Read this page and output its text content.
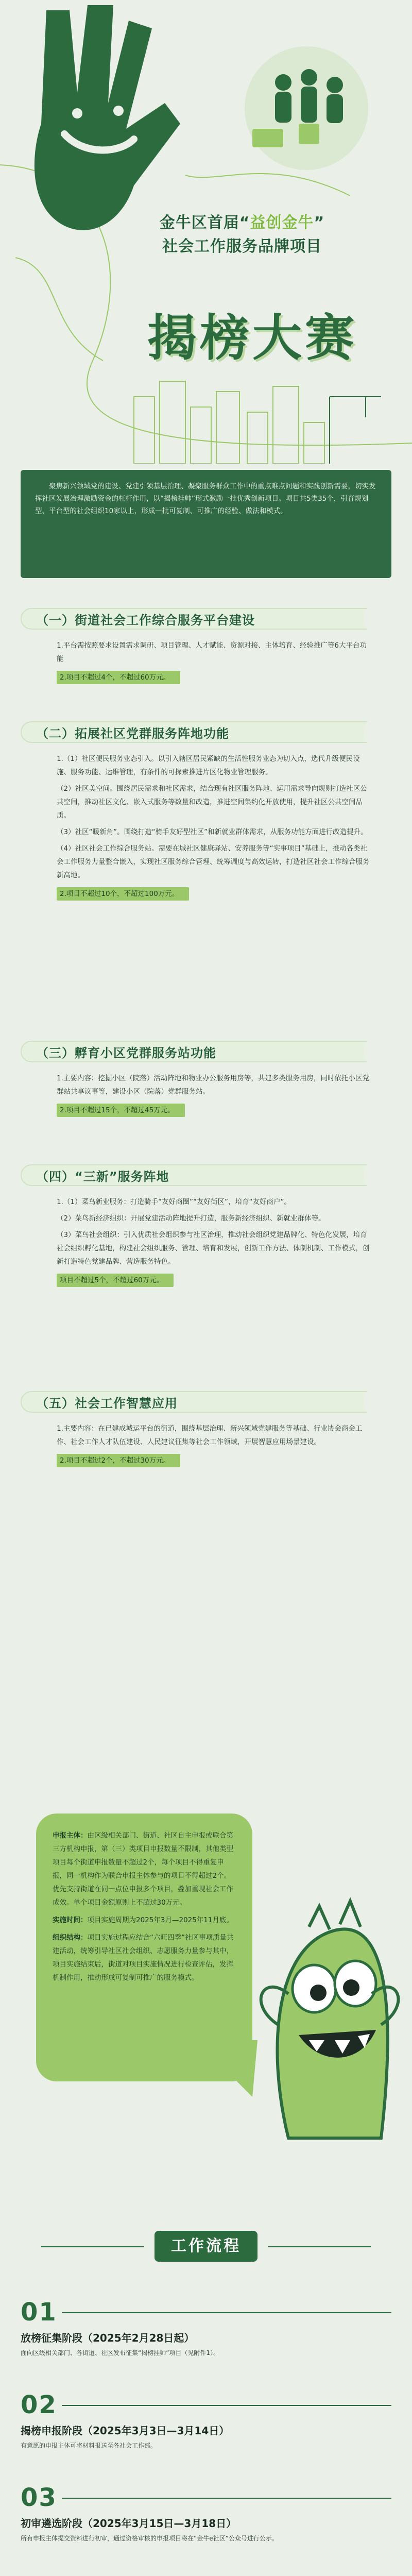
金牛区首届“益创金牛”
社会工作服务品牌项目
揭榜大赛

聚焦新兴领域党的建设、党建引领基层治理、凝聚服务群众工作中的重点难点问题和实践创新需要，切实发挥社区发展治理激励资金的杠杆作用，以“揭榜挂帅”形式激励一批优秀创新项目。项目共5类35个，引育规划型、平台型的社会组织10家以上，形成一批可复制、可推广的经验、做法和模式。

（一）街道社会工作综合服务平台建设

1.平台需按照要求设置需求调研、项目管理、人才赋能、资源对接、主体培育、经验推广等6大平台功能

2.项目不超过4个，不超过60万元。
（二）拓展社区党群服务阵地功能

1.（1）社区便民服务业态引入。以引入辖区居民紧缺的生活性服务业态为切入点，选代升级便民设施、服务功能、运维管理，有条件的可探索推进片区化物业管理服务。

（2）社区美空间。围绕居民需求和社区需求，结合现有社区服务阵地、运用需求导向规则打造社区公共空间，推动社区文化、嵌入式服务等数量和改造，推进空间集约化开放使用，提升社区公共空间品质。

（3）社区“暖新角”。围绕打造“骑手友好型社区”和新就业群体需求，从服务功能方面进行改造提升。

（4）社区社会工作综合服务站。需要在城社区健康驿站、安养服务等“实事项目”基础上，推动各类社会工作服务力量整合嵌入，实现社区服务综合管理、统筹调度与高效运转，打造社区社会工作综合服务新高地。

2.项目不超过10个，不超过100万元。
（三）孵育小区党群服务站功能

1.主要内容：挖掘小区（院落）活动阵地和物业办公服务用房等，共建多类服务用房，同时依托小区党群站共享议事等，建设小区（院落）党群服务站。

2.项目不超过15个，不超过45万元。
（四）“三新”服务阵地

1.（1）菜鸟新业服务：打造骑手“友好商圈”“友好街区”，培育“友好商户”。

（2）菜鸟新经济组织：开展党建活动阵地提升打造，服务新经济组织、新就业群体等。

（3）菜鸟社会组织：引入优质社会组织参与社区治理，推动社会组织党建品牌化、特色化发展，培育社会组织孵化基地，构建社会组织服务、管理、培育和发展，创新工作方法、体制机制、工作模式，创新打造特色党建品牌、营造服务特色。

项目不超过5个，不超过60万元。
（五）社会工作智慧应用

1.主要内容：在已建成城运平台的街道，围绕基层治理、新兴领域党建服务等基础、行业协会商会工作、社会工作人才队伍建设、人民建议征集等社会工作领域，开展智慧应用场景建设。

2.项目不超过2个，不超过30万元。

申报主体：由区级相关部门、街道、社区自主申报或联合第三方机构申报，第（三）类项目申报数量不限制，其他类型项目每个街道申报数量不超过2个，每个项目不得重复申报，同一机构作为联合申报主体参与的项目不得超过2个。优先支持街道在同一点位申报多个项目，叠加重现社会工作成效。单个项目金额原则上不超过30万元。

实施时间：项目实施周期为2025年3月—2025年11月底。

组织结构：项目实施过程应结合“六旺四季”社区事项质量共建活动，统筹引导社区社会组织、志愿服务力量参与其中，项目实施结束后，街道对项目实施情况进行检查评估，发挥机制作用，推动形成可复制可推广的服务模式。

工作流程
01
放榜征集阶段（2025年2月28日起）
面向区级相关部门、各街道、社区发布征集“揭榜挂帅”项目（见附件1）。
02
揭榜申报阶段（2025年3月3日—3月14日）
有意愿的申报主体可将材料报送至各社会工作部。
03
初审遴选阶段（2025年3月15日—3月18日）
所有申报主体提交资料进行初审，通过资格审核的申报项目将在“金牛e社区”公众号进行公示。
